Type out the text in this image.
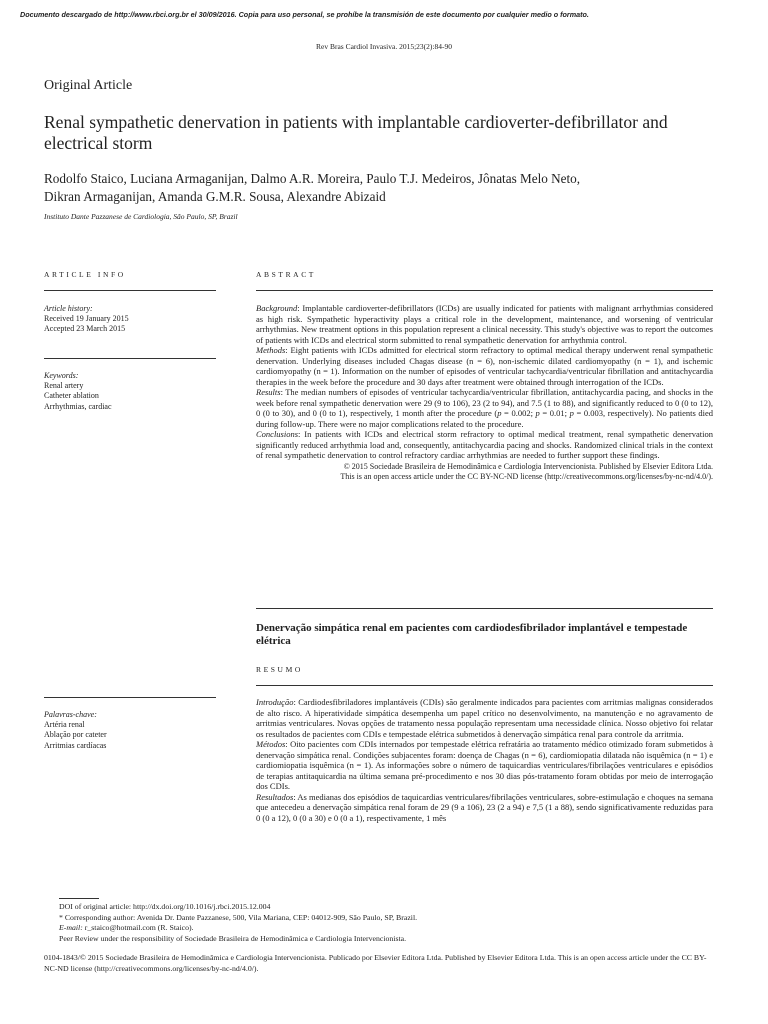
Documento descargado de http://www.rbci.org.br el 30/09/2016. Copia para uso personal, se prohíbe la transmisión de este documento por cualquier medio o formato.
Rev Bras Cardiol Invasiva. 2015;23(2):84-90
Original Article
Renal sympathetic denervation in patients with implantable cardioverter-defibrillator and electrical storm
Rodolfo Staico, Luciana Armaganijan, Dalmo A.R. Moreira, Paulo T.J. Medeiros, Jônatas Melo Neto,
Dikran Armaganijan, Amanda G.M.R. Sousa, Alexandre Abizaid
Instituto Dante Pazzanese de Cardiologia, São Paulo, SP, Brazil
ARTICLE INFO
Article history:
Received 19 January 2015
Accepted 23 March 2015
Keywords:
Renal artery
Catheter ablation
Arrhythmias, cardiac
ABSTRACT

Background: Implantable cardioverter-defibrillators (ICDs) are usually indicated for patients with malignant arrhythmias considered as high risk. Sympathetic hyperactivity plays a critical role in the development, maintenance, and worsening of ventricular arrhythmias. New treatment options in this population represent a clinical necessity. This study's objective was to report the outcomes of patients with ICDs and electrical storm submitted to renal sympathetic denervation for arrhythmia control.

Methods: Eight patients with ICDs admitted for electrical storm refractory to optimal medical therapy underwent renal sympathetic denervation. Underlying diseases included Chagas disease (n = 6), non-ischemic dilated cardiomyopathy (n = 1), and ischemic cardiomyopathy (n = 1). Information on the number of episodes of ventricular tachycardia/ventricular fibrillation and antitachycardia therapies in the week before the procedure and 30 days after treatment were obtained through interrogation of the ICDs.

Results: The median numbers of episodes of ventricular tachycardia/ventricular fibrillation, antitachycardia pacing, and shocks in the week before renal sympathetic denervation were 29 (9 to 106), 23 (2 to 94), and 7.5 (1 to 88), and significantly reduced to 0 (0 to 12), 0 (0 to 30), and 0 (0 to 1), respectively, 1 month after the procedure (p = 0.002; p = 0.01; p = 0.003, respectively). No patients died during follow-up. There were no major complications related to the procedure.

Conclusions: In patients with ICDs and electrical storm refractory to optimal medical treatment, renal sympathetic denervation significantly reduced arrhythmia load and, consequently, antitachycardia pacing and shocks. Randomized clinical trials in the context of renal sympathetic denervation to control refractory cardiac arrhythmias are needed to further support these findings.

© 2015 Sociedade Brasileira de Hemodinâmica e Cardiologia Intervencionista. Published by Elsevier Editora Ltda.
This is an open access article under the CC BY-NC-ND license (http://creativecommons.org/licenses/by-nc-nd/4.0/).
Denervação simpática renal em pacientes com cardiodesfibrilador implantável e tempestade elétrica
RESUMO
Palavras-chave:
Artéria renal
Ablação por cateter
Arritmias cardíacas

Introdução: Cardiodesfibriladores implantáveis (CDIs) são geralmente indicados para pacientes com arritmias malignas considerados de alto risco. A hiperatividade simpática desempenha um papel crítico no desenvolvimento, na manutenção e no agravamento de arritmias ventriculares. Novas opções de tratamento nessa população representam uma necessidade clínica. Nosso objetivo foi relatar os resultados de pacientes com CDIs e tempestade elétrica submetidos à denervação simpática renal para controle da arritmia.

Métodos: Oito pacientes com CDIs internados por tempestade elétrica refratária ao tratamento médico otimizado foram submetidos à denervação simpática renal. Condições subjacentes foram: doença de Chagas (n = 6), cardiomiopatia dilatada não isquêmica (n = 1) e cardiomiopatia isquêmica (n = 1). As informações sobre o número de taquicardias ventriculares/fibrilações ventriculares e episódios de terapias antitaquicardia na última semana pré-procedimento e nos 30 dias pós-tratamento foram obtidas por meio de interrogação dos CDIs.

Resultados: As medianas dos episódios de taquicardias ventriculares/fibrilações ventriculares, sobre-estimulação e choques na semana que antecedeu a denervação simpática renal foram de 29 (9 a 106), 23 (2 a 94) e 7,5 (1 a 88), sendo significativamente reduzidas para 0 (0 a 12), 0 (0 a 30) e 0 (0 a 1), respectivamente, 1 mês

DOI of original article: http://dx.doi.org/10.1016/j.rbci.2015.12.004
* Corresponding author: Avenida Dr. Dante Pazzanese, 500, Vila Mariana, CEP: 04012-909, São Paulo, SP, Brazil.
E-mail: r_staico@hotmail.com (R. Staico).
Peer Review under the responsibility of Sociedade Brasileira de Hemodinâmica e Cardiologia Intervencionista.
0104-1843/© 2015 Sociedade Brasileira de Hemodinâmica e Cardiologia Intervencionista. Publicado por Elsevier Editora Ltda. Published by Elsevier Editora Ltda. This is an open access article under the CC BY-NC-ND license (http://creativecommons.org/licenses/by-nc-nd/4.0/).
